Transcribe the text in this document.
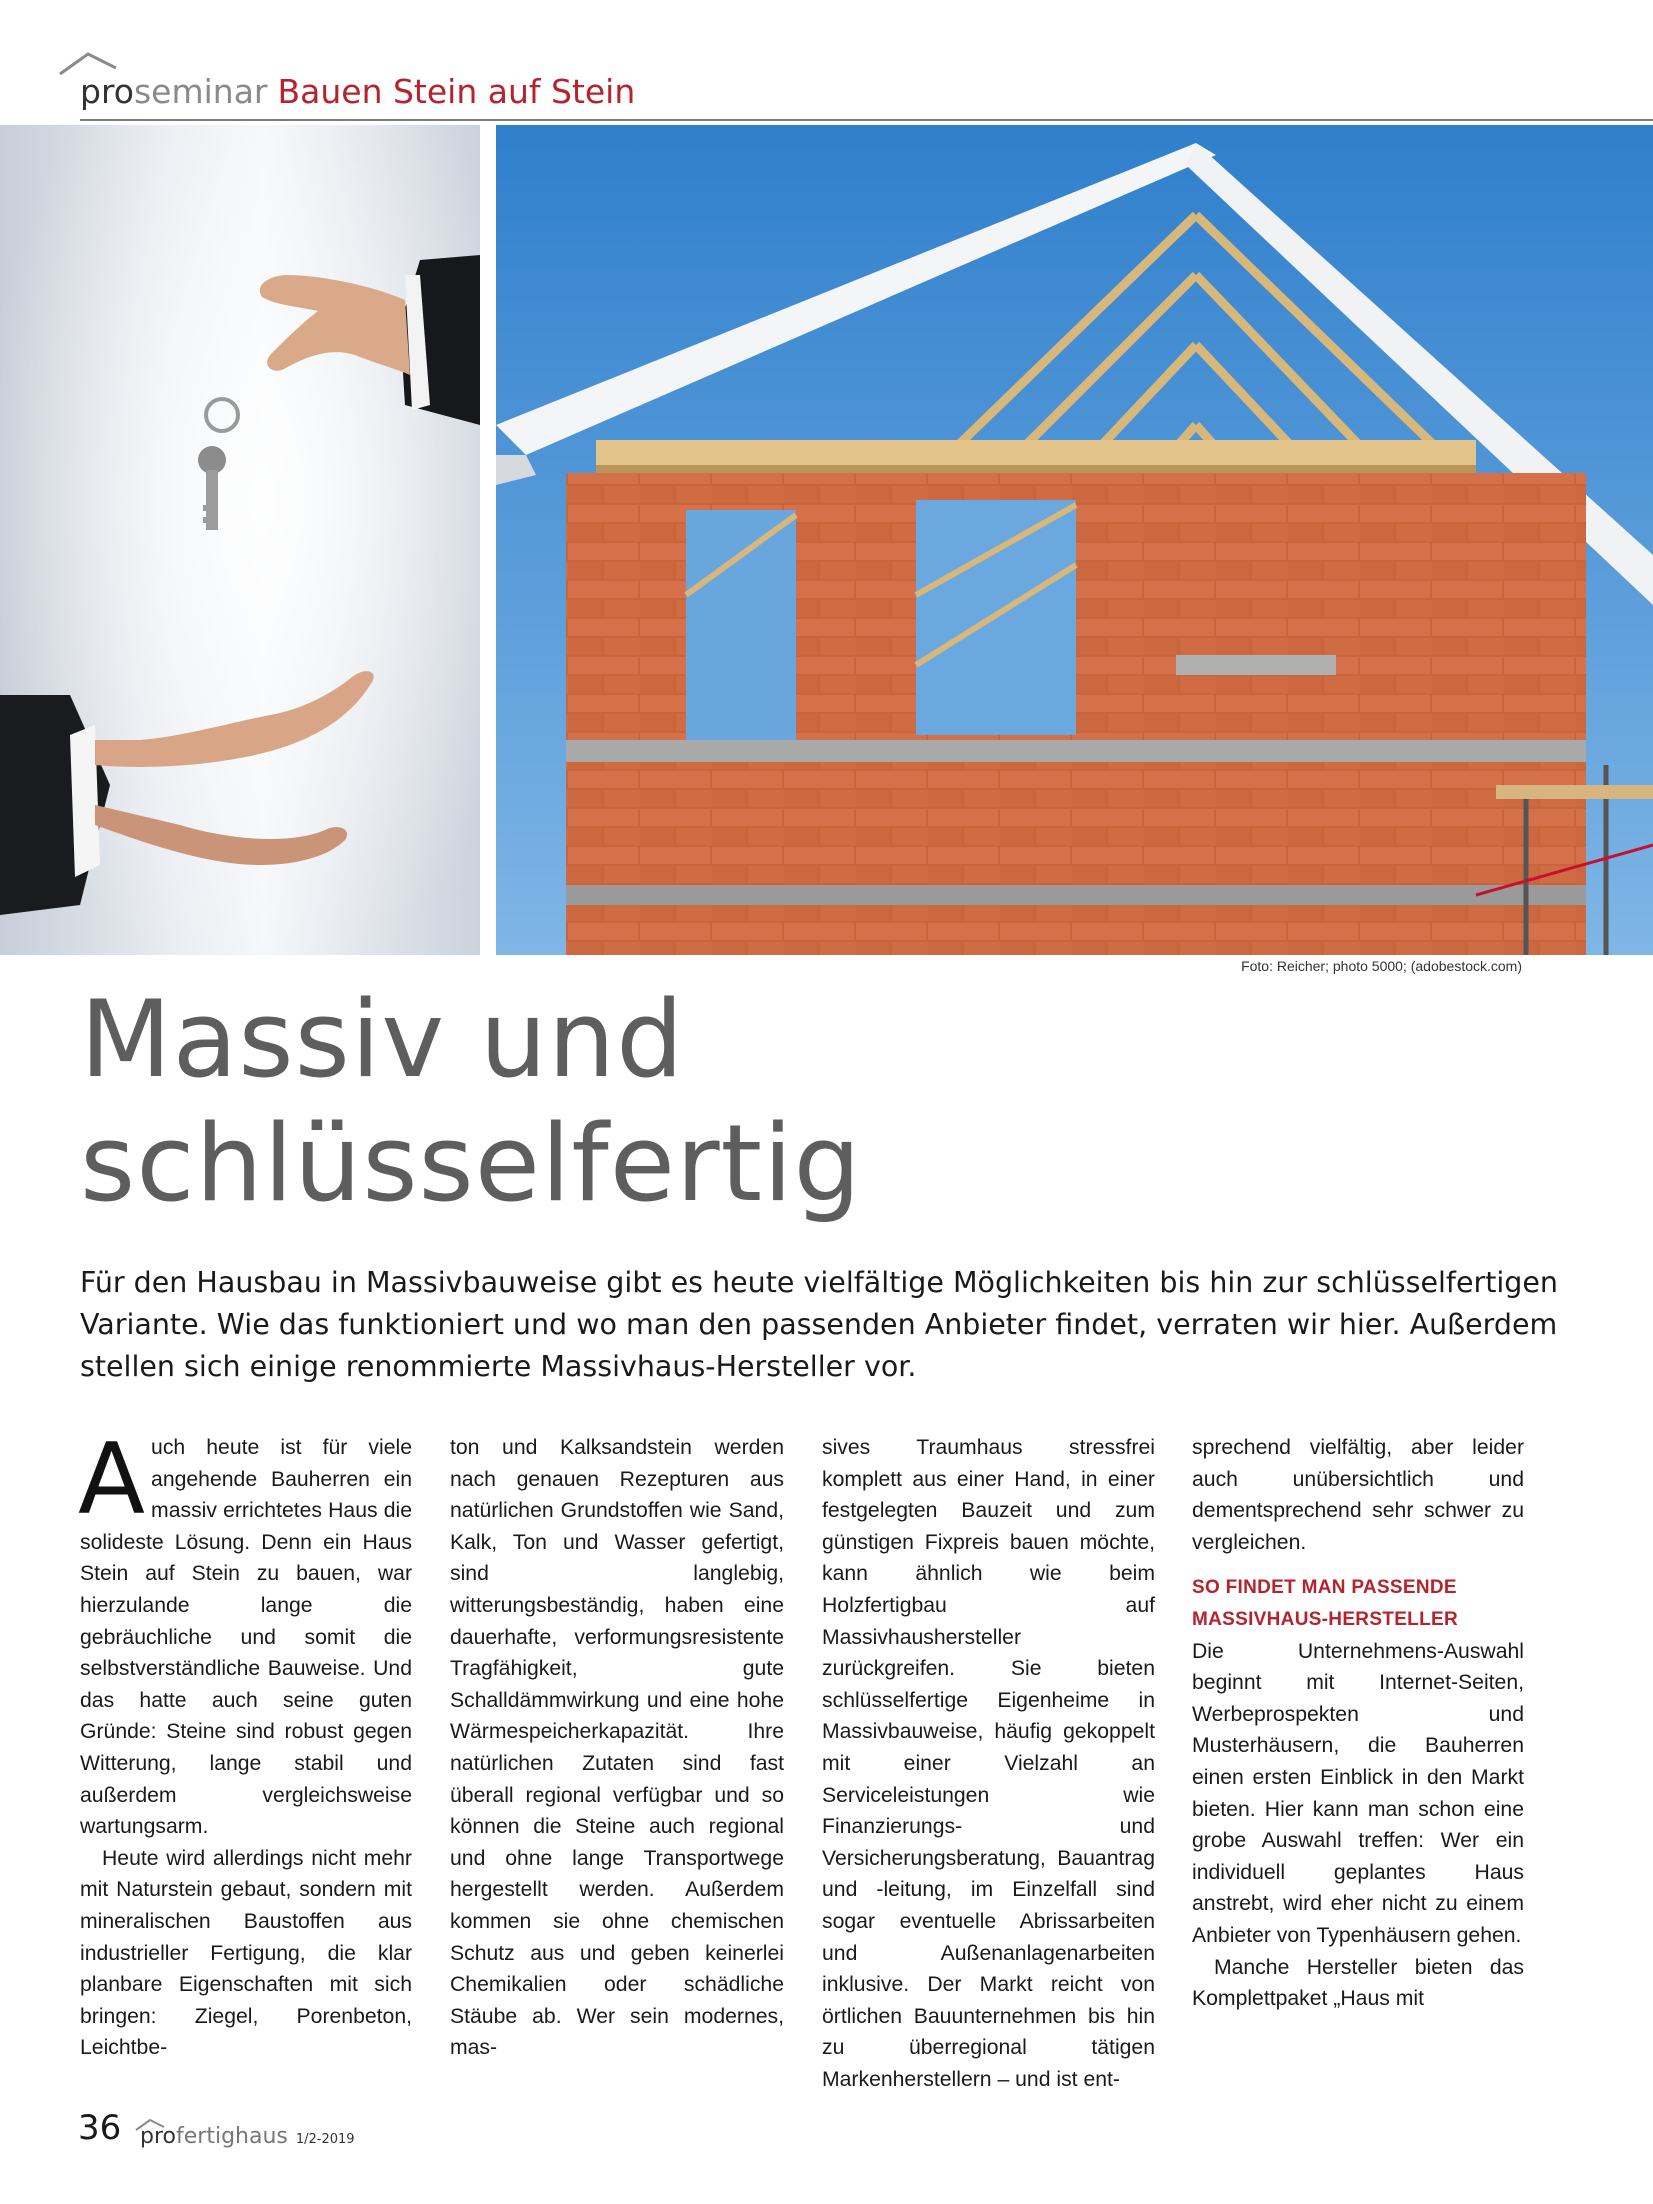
proseminar Bauen Stein auf Stein
Foto: Reicher; photo 5000; (adobestock.com)
Massiv und
schlüsselfertig

Für den Hausbau in Massivbauweise gibt es heute vielfältige Möglichkeiten bis hin zur schlüsselfertigen Variante. Wie das funktioniert und wo man den passenden Anbieter findet, verraten wir hier. Außerdem stellen sich einige renommierte Massivhaus-Hersteller vor.

Auch heute ist für viele angehende Bauherren ein massiv errichtetes Haus die solideste Lösung. Denn ein Haus Stein auf Stein zu bauen, war hierzulande lange die gebräuchliche und somit die selbstverständliche Bauweise. Und das hatte auch seine guten Gründe: Steine sind robust gegen Witterung, lange stabil und außerdem vergleichsweise wartungsarm.

Heute wird allerdings nicht mehr mit Naturstein gebaut, sondern mit mineralischen Baustoffen aus industrieller Fertigung, die klar planbare Eigenschaften mit sich bringen: Ziegel, Porenbeton, Leichtbe-

ton und Kalksandstein werden nach genauen Rezepturen aus natürlichen Grundstoffen wie Sand, Kalk, Ton und Wasser gefertigt, sind langlebig, witterungsbeständig, haben eine dauerhafte, verformungsresistente Tragfähigkeit, gute Schalldämmwirkung und eine hohe Wärmespeicherkapazität. Ihre natürlichen Zutaten sind fast überall regional verfügbar und so können die Steine auch regional und ohne lange Transportwege hergestellt werden. Außerdem kommen sie ohne chemischen Schutz aus und geben keinerlei Chemikalien oder schädliche Stäube ab. Wer sein modernes, mas-

sives Traumhaus stressfrei komplett aus einer Hand, in einer festgelegten Bauzeit und zum günstigen Fixpreis bauen möchte, kann ähnlich wie beim Holzfertigbau auf Massivhaushersteller zurückgreifen. Sie bieten schlüsselfertige Eigenheime in Massivbauweise, häufig gekoppelt mit einer Vielzahl an Serviceleistungen wie Finanzierungs- und Versicherungsberatung, Bauantrag und -leitung, im Einzelfall sind sogar eventuelle Abrissarbeiten und Außenanlagenarbeiten inklusive. Der Markt reicht von örtlichen Bauunternehmen bis hin zu überregional tätigen Markenherstellern – und ist ent-

sprechend vielfältig, aber leider auch unübersichtlich und dementsprechend sehr schwer zu vergleichen.

SO FINDET MAN PASSENDE
MASSIVHAUS-HERSTELLER

Die Unternehmens-Auswahl beginnt mit Internet-Seiten, Werbeprospekten und Musterhäusern, die Bauherren einen ersten Einblick in den Markt bieten. Hier kann man schon eine grobe Auswahl treffen: Wer ein individuell geplantes Haus anstrebt, wird eher nicht zu einem Anbieter von Typenhäusern gehen.

Manche Hersteller bieten das Komplettpaket „Haus mit

36 profertighaus 1/2-2019
